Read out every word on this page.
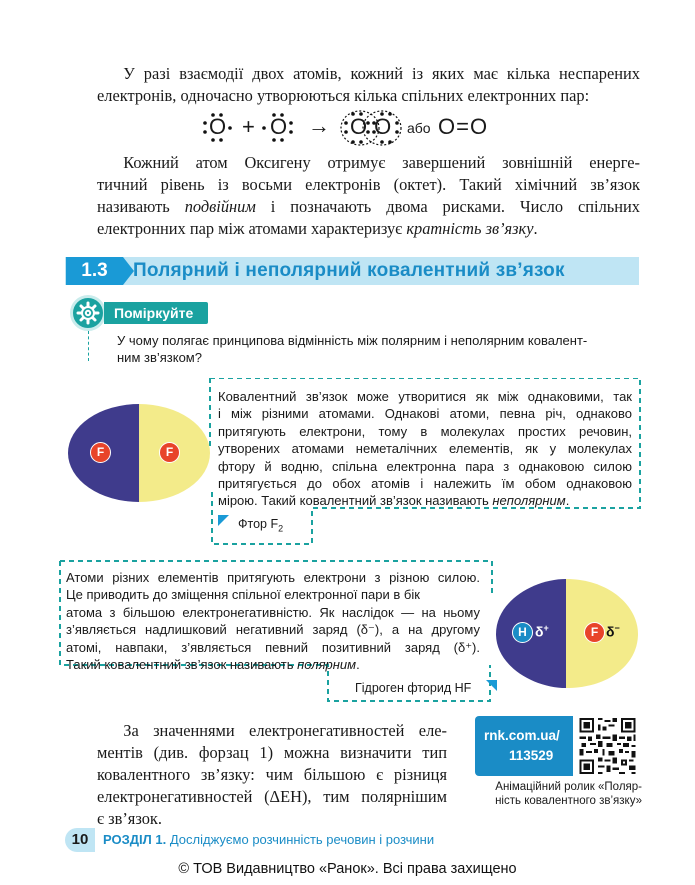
У разі взаємодії двох атомів, кожний із яких має кілька неспарених
електронів, одночасно утворюються кілька спільних електронних пар:
O + O → OO або O=O
Кожний атом Оксигену отримує завершений зовнішній енерге-
тичний рівень із восьми електронів (октет). Такий хімічний зв’язок
називають подвійним і позначають двома рисками. Число спільних
електронних пар між атомами характеризує кратність зв’язку.
1.3	Полярний і неполярний ковалентний зв’язок
Поміркуйте
У чому полягає принципова відмінність між полярним і неполярним ковалент-
ним зв’язком?
Ковалентний зв’язок може утворитися як між однаковими, так
і між різними атомами. Однакові атоми, певна річ, однаково
притягують електрони, тому в молекулах простих речовин,
утворених атомами неметалічних елементів, як у молекулах
фтору й водню, спільна електронна пара з однаковою силою
притягується до обох атомів і належить їм обом однаковою
мірою. Такий ковалентний зв’язок називають неполярним.
Фтор $F_2$
F	F
Атоми різних елементів притягують електрони з різною силою.
Це приводить до зміщення спільної електронної пари в бік
атома з більшою електронегативністю. Як наслідок — на ньому
з’являється надлишковий негативний заряд (δ⁻), а на другому
атомі, навпаки, з’являється певний позитивний заряд (δ⁺).
Такий ковалентний зв’язок називають полярним.
Гідроген фторид HF
H δ+	F δ−
За значеннями електронегативностей еле-
ментів (див. форзац 1) можна визначити тип
ковалентного зв’язку: чим більшою є різниця
електронегативностей (ΔЕН), тим полярнішим
є зв’язок.
rnk.com.ua/
113529
Анімаційний ролик «Поляр-
ність ковалентного зв’язку»
10	РОЗДІЛ 1. Досліджуємо розчинність речовин і розчини
© ТОВ Видавництво «Ранок». Всі права захищено
